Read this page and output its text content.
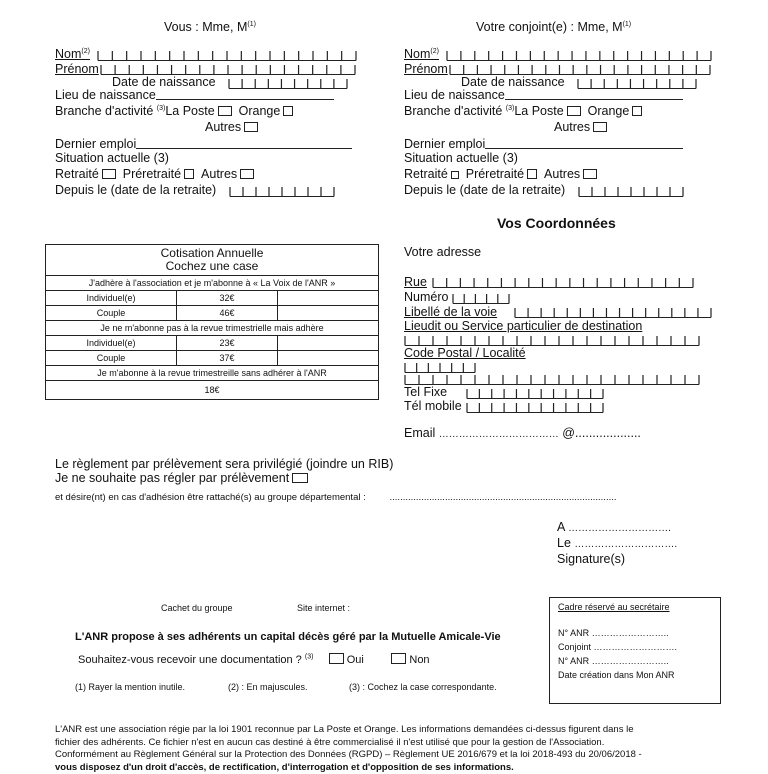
Vous : Mme, $M^{(1)}$
Nom$^{(2)}$
Prénom
Date de naissance
Lieu de naissance
Branche d'activité $^{(3)}$La Poste Orange
Autres
Dernier emploi
Situation actuelle (3)
Retraité Préretraité Autres
Depuis le (date de la retraite)
Votre conjoint(e) : Mme, $M^{(1)}$
Nom$^{(2)}$
Prénom
Date de naissance
Lieu de naissance
Branche d'activité $^{(3)}$La Poste Orange
Autres
Dernier emploi
Situation actuelle (3)
Retraité Préretraité Autres
Depuis le (date de la retraite)
Cotisation Annuelle
Cochez une case		
J'adhère à l'association et je m'abonne à « La Voix de l'ANR »		
Individuel(e)	32€	
Couple	46€	
Je ne m'abonne pas à la revue trimestrielle mais adhère		
Individuel(e)	23€	
Couple	37€	
Je m'abonne à la revue trimestreille sans adhérer à l'ANR		
18€		
Vos Coordonnées
Votre adresse
Rue
Numéro
Libellé de la voie
Lieudit ou Service particulier de destination
Code Postal / Localité
Tel Fixe
Tél mobile
Email ……………………………… @...................
Le règlement par prélèvement sera privilégié (joindre un RIB)
Je ne souhaite pas régler par prélèvement
et désire(nt) en cas d'adhésion être rattaché(s) au groupe départemental :	......................................................................................
A ………………………….
Le ………………………….
Signature(s)
Cachet du groupe	Site internet :
L'ANR propose à ses adhérents un capital décès géré par la Mutuelle Amicale-Vie
Souhaitez-vous recevoir une documentation ? $^{(3)}$	Oui	Non
(1) Rayer la mention inutile.	(2) : En majuscules.	(3) : Cochez la case correspondante.
Cadre réservé au secrétaire
N° ANR ……………………..
Conjoint ……………………….
N° ANR ……………………..
Date création dans Mon ANR
L'ANR est une association régie par la loi 1901 reconnue par La Poste et Orange. Les informations demandées ci-dessus figurent dans le
fichier des adhérents. Ce fichier n'est en aucun cas destiné à être commercialisé il n'est utilisé que pour la gestion de l'Association.
Conformément au Règlement Général sur la Protection des Données (RGPD) – Règlement UE 2016/679 et la loi 2018-493 du 20/06/2018 -
vous disposez d'un droit d'accès, de rectification, d'interrogation et d'opposition de ses informations.
